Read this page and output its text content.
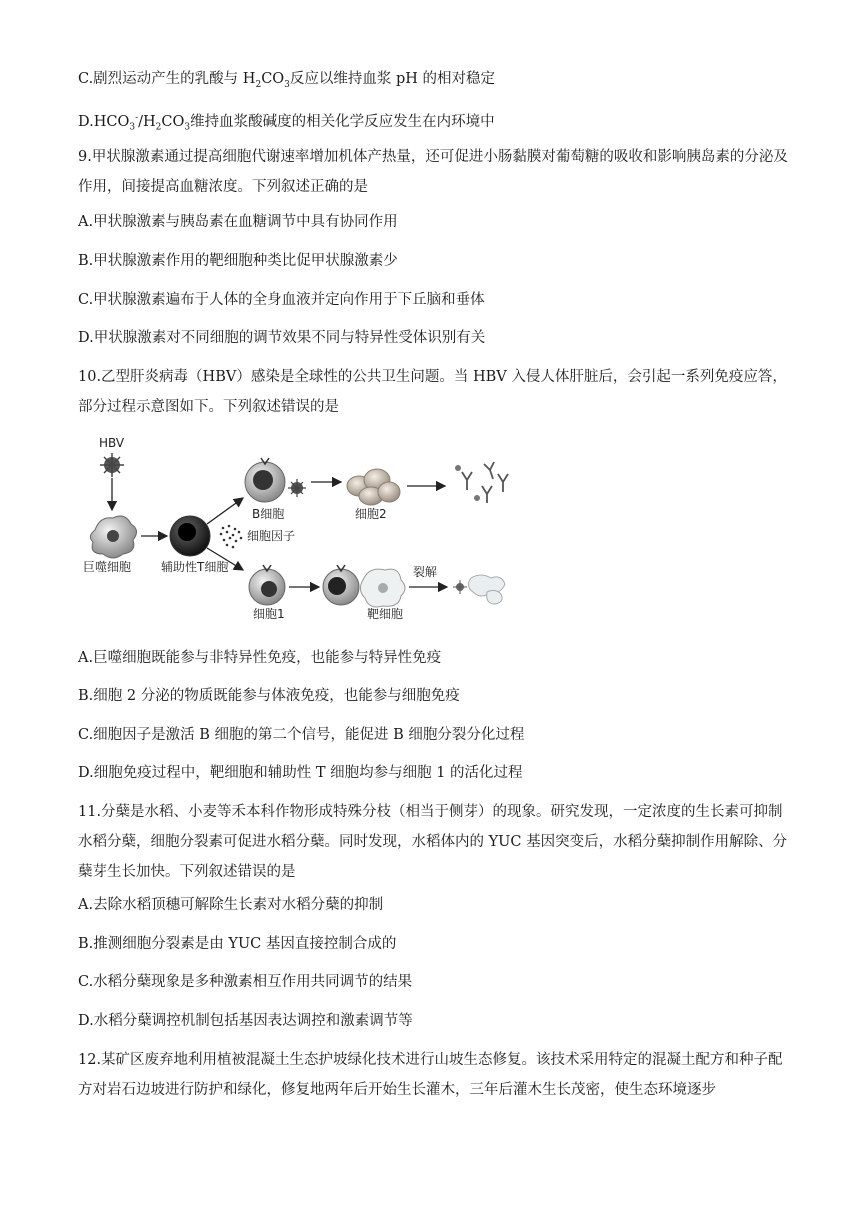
C.剧烈运动产生的乳酸与 $H_2CO_3$反应以维持血浆 pH 的相对稳定
$D.HCO_3^-/H_2CO_3$维持血浆酸碱度的相关化学反应发生在内环境中
9.甲状腺激素通过提高细胞代谢速率增加机体产热量，还可促进小肠黏膜对葡萄糖的吸收和影响胰岛素的分泌及作用，间接提高血糖浓度。下列叙述正确的是
A.甲状腺激素与胰岛素在血糖调节中具有协同作用
B.甲状腺激素作用的靶细胞种类比促甲状腺激素少
C.甲状腺激素遍布于人体的全身血液并定向作用于下丘脑和垂体
D.甲状腺激素对不同细胞的调节效果不同与特异性受体识别有关
10.乙型肝炎病毒（HBV）感染是全球性的公共卫生问题。当 HBV 入侵人体肝脏后，会引起一系列免疫应答，部分过程示意图如下。下列叙述错误的是
HBV
巨噬细胞 辅助性T细胞
细胞因子
B细胞	细胞2
细胞1	靶细胞
裂解
A.巨噬细胞既能参与非特异性免疫，也能参与特异性免疫
B.细胞 2 分泌的物质既能参与体液免疫，也能参与细胞免疫
C.细胞因子是激活 B 细胞的第二个信号，能促进 B 细胞分裂分化过程
D.细胞免疫过程中，靶细胞和辅助性 T 细胞均参与细胞 1 的活化过程
11.分蘖是水稻、小麦等禾本科作物形成特殊分枝（相当于侧芽）的现象。研究发现，一定浓度的生长素可抑制水稻分蘖，细胞分裂素可促进水稻分蘖。同时发现，水稻体内的 YUC 基因突变后，水稻分蘖抑制作用解除、分蘖芽生长加快。下列叙述错误的是
A.去除水稻顶穗可解除生长素对水稻分蘖的抑制
B.推测细胞分裂素是由 YUC 基因直接控制合成的
C.水稻分蘖现象是多种激素相互作用共同调节的结果
D.水稻分蘖调控机制包括基因表达调控和激素调节等
12.某矿区废弃地利用植被混凝土生态护坡绿化技术进行山坡生态修复。该技术采用特定的混凝土配方和种子配方对岩石边坡进行防护和绿化，修复地两年后开始生长灌木，三年后灌木生长茂密，使生态环境逐步
